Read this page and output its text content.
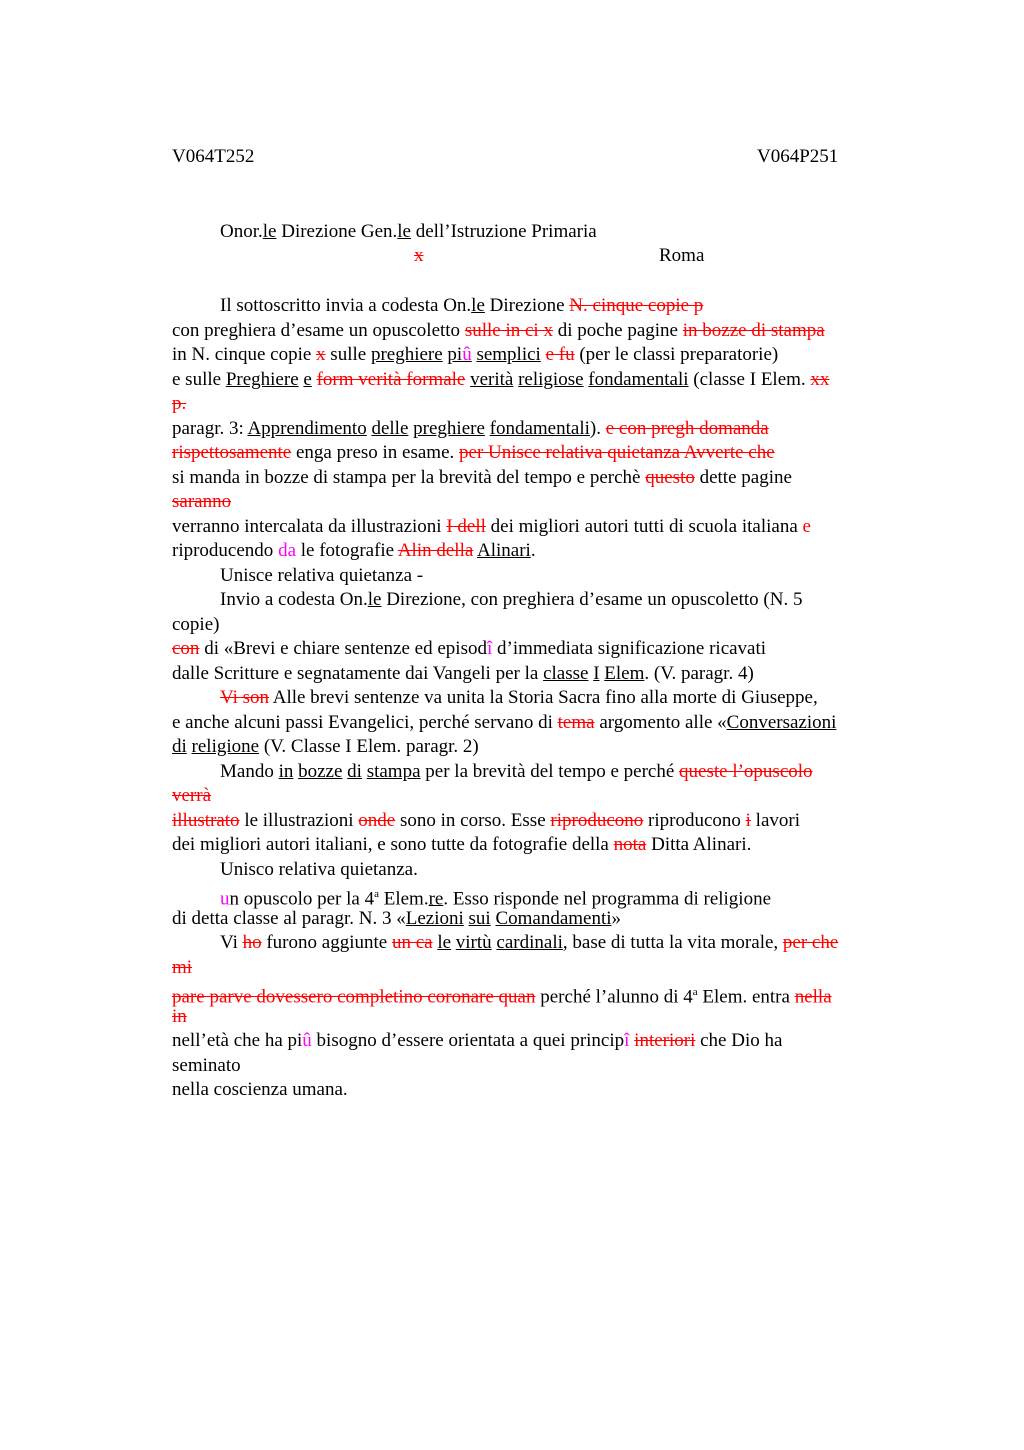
V064T252	V064P251
Onor.le Direzione Gen.le dell’Istruzione Primaria
x	Roma
Il sottoscritto invia a codesta On.le Direzione N. cinque copie p
con preghiera d’esame un opuscoletto sulle in ci x di poche pagine in bozze di stampa
in N. cinque copie x sulle preghiere piû semplici e fu (per le classi preparatorie)
e sulle Preghiere e form verità formale verità religiose fondamentali (classe I Elem. xx
p.
paragr. 3: Apprendimento delle preghiere fondamentali). e con pregh domanda
rispettosamente enga preso in esame. per Unisce relativa quietanza Avverte che
si manda in bozze di stampa per la brevità del tempo e perchè questo dette pagine
saranno
verranno intercalata da illustrazioni I dell dei migliori autori tutti di scuola italiana e
riproducendo da le fotografie Alin della Alinari.
Unisce relativa quietanza -
Invio a codesta On.le Direzione, con preghiera d’esame un opuscoletto (N. 5
copie)
con di «Brevi e chiare sentenze ed episodî d’immediata significazione ricavati
dalle Scritture e segnatamente dai Vangeli per la classe I Elem. (V. paragr. 4)
Vi son Alle brevi sentenze va unita la Storia Sacra fino alla morte di Giuseppe,
e anche alcuni passi Evangelici, perché servano di tema argomento alle «Conversazioni
di religione (V. Classe I Elem. paragr. 2)
Mando in bozze di stampa per la brevità del tempo e perché queste l’opuscolo
verrà
illustrato le illustrazioni onde sono in corso. Esse riproducono riproducono i lavori
dei migliori autori italiani, e sono tutte da fotografie della nota Ditta Alinari.
Unisco relativa quietanza.
un opuscolo per la 4$^a$ Elem.re. Esso risponde nel programma di religione
di detta classe al paragr. N. 3 «Lezioni sui Comandamenti»
Vi ho furono aggiunte un ca le virtù cardinali, base di tutta la vita morale, per che
mi
pare parve dovessero completino coronare quan perché l’alunno di 4$^a$ Elem. entra nella
in
nell’età che ha piû bisogno d’essere orientata a quei principî interiori che Dio ha
seminato
nella coscienza umana.
